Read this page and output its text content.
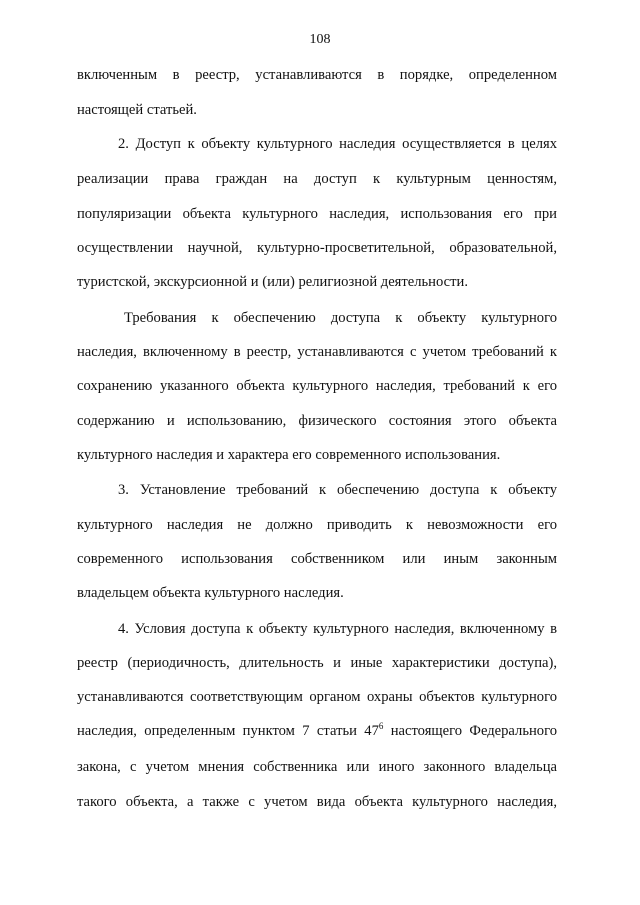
108
включенным в реестр, устанавливаются в порядке, определенном
настоящей статьей.
2. Доступ к объекту культурного наследия осуществляется в целях
реализации права граждан на доступ к культурным ценностям,
популяризации объекта культурного наследия, использования его при
осуществлении научной, культурно-просветительной, образовательной,
туристской, экскурсионной и (или) религиозной деятельности.
Требования к обеспечению доступа к объекту культурного
наследия, включенному в реестр, устанавливаются с учетом требований к
сохранению указанного объекта культурного наследия, требований к его
содержанию и использованию, физического состояния этого объекта
культурного наследия и характера его современного использования.
3. Установление требований к обеспечению доступа к объекту
культурного наследия не должно приводить к невозможности его
современного использования собственником или иным законным
владельцем объекта культурного наследия.
4. Условия доступа к объекту культурного наследия, включенному в
реестр (периодичность, длительность и иные характеристики доступа),
устанавливаются соответствующим органом охраны объектов культурного
наследия, определенным пунктом 7 статьи $47^6$ настоящего Федерального
закона, с учетом мнения собственника или иного законного владельца
такого объекта, а также с учетом вида объекта культурного наследия,
